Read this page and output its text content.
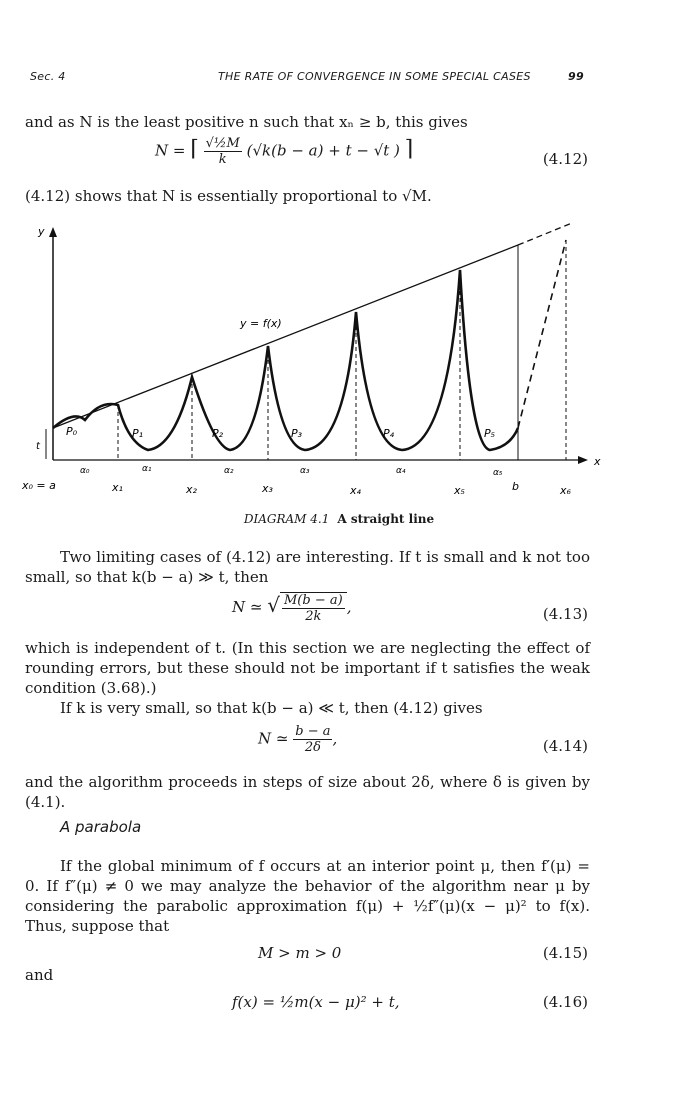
Sec. 4	THE RATE OF CONVERGENCE IN SOME SPECIAL CASES	99
and as N is the least positive n such that xₙ ≥ b, this gives
N = ⌈ $\frac{\text{√½M}}{k} (√k(b - a) + t - √t$ ) ⌉	(4.12)
(4.12) shows that N is essentially proportional to √M.
y
x
y = f(x)
t
P₀	P₁	P₂	P₃	P₄	P₅
α₀	α₁	α₂	α₃	α₄	α₅
x₀ = a	x₁	x₂	x₃	x₄	x₅	b	x₆
DIAGRAM 4.1 A straight line
Two limiting cases of (4.12) are interesting. If t is small and k not too small, so that k(b − a) ≫ t, then
N ≃ √ $\frac{M(b - a)}{2k}$ ,	(4.13)
which is independent of t. (In this section we are neglecting the effect of rounding errors, but these should not be important if t satisfies the weak condition (3.68).)
If k is very small, so that k(b − a) ≪ t, then (4.12) gives
N ≃ $\frac{b - a}{2\delta}$ ,	(4.14)
and the algorithm proceeds in steps of size about 2δ, where δ is given by (4.1).
A parabola
If the global minimum of f occurs at an interior point μ, then f′(μ) = 0. If f″(μ) ≠ 0 we may analyze the behavior of the algorithm near μ by considering the parabolic approximation f(μ) + ½f″(μ)(x − μ)² to f(x). Thus, suppose that
M > m > 0	(4.15)
and
f(x) = ½m(x − μ)² + t,	(4.16)
